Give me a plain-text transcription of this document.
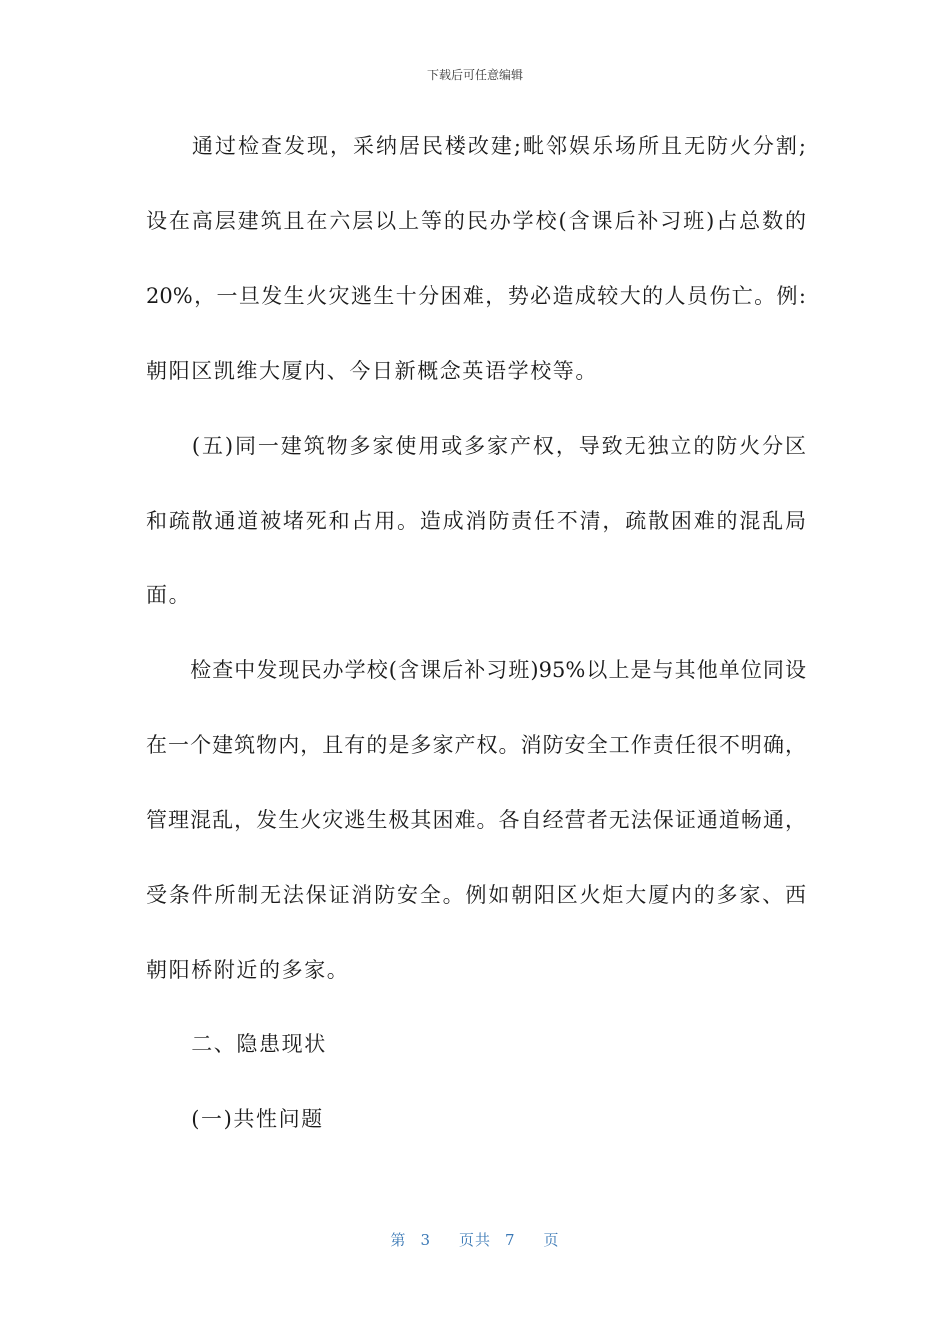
下载后可任意编辑
　　通过检查发现，采纳居民楼改建;毗邻娱乐场所且无防火分割;
设在高层建筑且在六层以上等的民办学校(含课后补习班)占总数的
20%，一旦发生火灾逃生十分困难，势必造成较大的人员伤亡。例:
朝阳区凯维大厦内、今日新概念英语学校等。
　　(五)同一建筑物多家使用或多家产权，导致无独立的防火分区
和疏散通道被堵死和占用。造成消防责任不清，疏散困难的混乱局
面。
　　检查中发现民办学校(含课后补习班)95%以上是与其他单位同设
在一个建筑物内，且有的是多家产权。消防安全工作责任很不明确，
管理混乱，发生火灾逃生极其困难。各自经营者无法保证通道畅通，
受条件所制无法保证消防安全。例如朝阳区火炬大厦内的多家、西
朝阳桥附近的多家。
　　二、隐患现状
　　(一)共性问题
第 3 页共 7 页
